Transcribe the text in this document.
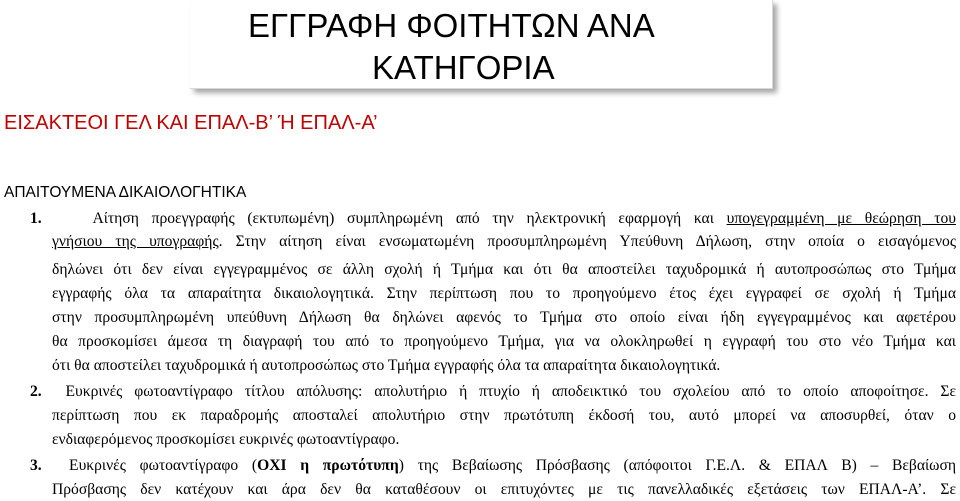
ΕΓΓΡΑΦΗ ΦΟΙΤΗΤΩΝ ΑΝΑ
ΚΑΤΗΓΟΡΙΑ
ΕΙΣΑΚΤΕΟΙ ΓΕΛ ΚΑΙ ΕΠΑΛ-Β’ Ή ΕΠΑΛ-Α’
ΑΠΑΙΤΟΥΜΕΝΑ ΔΙΚΑΙΟΛΟΓΗΤΙΚΑ
1.	Αίτηση προεγγραφής (εκτυπωμένη) συμπληρωμένη από την ηλεκτρονική εφαρμογή και υπογεγραμμένη με θεώρηση του
γνήσιου της υπογραφής. Στην αίτηση είναι ενσωματωμένη προσυμπληρωμένη Υπεύθυνη Δήλωση, στην οποία ο εισαγόμενος
δηλώνει ότι δεν είναι εγγεγραμμένος σε άλλη σχολή ή Τμήμα και ότι θα αποστείλει ταχυδρομικά ή αυτοπροσώπως στο Τμήμα
εγγραφής όλα τα απαραίτητα δικαιολογητικά. Στην περίπτωση που το προηγούμενο έτος έχει εγγραφεί σε σχολή ή Τμήμα
στην προσυμπληρωμένη υπεύθυνη Δήλωση θα δηλώνει αφενός το Τμήμα στο οποίο είναι ήδη εγγεγραμμένος και αφετέρου
θα προσκομίσει άμεσα τη διαγραφή του από το προηγούμενο Τμήμα, για να ολοκληρωθεί η εγγραφή του στο νέο Τμήμα και
ότι θα αποστείλει ταχυδρομικά ή αυτοπροσώπως στο Τμήμα εγγραφής όλα τα απαραίτητα δικαιολογητικά.
2. Ευκρινές φωτοαντίγραφο τίτλου απόλυσης: απολυτήριο ή πτυχίο ή αποδεικτικό του σχολείου από το οποίο αποφοίτησε. Σε
περίπτωση που εκ παραδρομής αποσταλεί απολυτήριο στην πρωτότυπη έκδοσή του, αυτό μπορεί να αποσυρθεί, όταν ο
ενδιαφερόμενος προσκομίσει ευκρινές φωτοαντίγραφο.
3. Ευκρινές φωτοαντίγραφο (ΟΧΙ η πρωτότυπη) της Βεβαίωσης Πρόσβασης (απόφοιτοι Γ.Ε.Λ. & ΕΠΑΛ Β) – Βεβαίωση
Πρόσβασης δεν κατέχουν και άρα δεν θα καταθέσουν οι επιτυχόντες με τις πανελλαδικές εξετάσεις των ΕΠΑΛ-Α’. Σε
